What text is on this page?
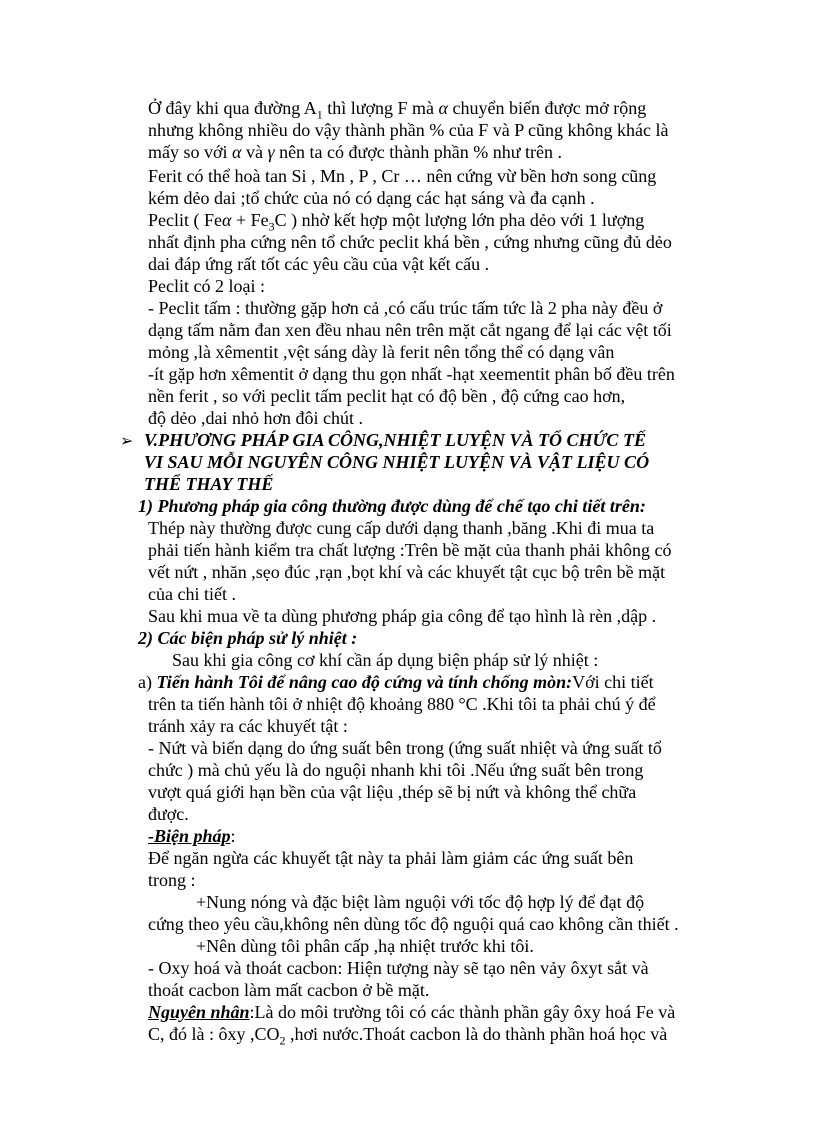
Ở đây khi qua đường $A_1$ thì lượng F mà α chuyển biến được mở rộng
nhưng không nhiều do vậy thành phần % của F và P cũng không khác là
mấy so với α và γ nên ta có được thành phần % như trên .
Ferit có thể hoà tan Si , Mn , P , Cr … nên cứng vừ bền hơn song cũng
kém dẻo dai ;tổ chức của nó có dạng các hạt sáng và đa cạnh .
Peclit ( $Fe\alpha + Fe_3C$ ) nhờ kết hợp một lượng lớn pha dẻo với 1 lượng
nhất định pha cứng nên tổ chức peclit khá bền , cứng nhưng cũng đủ dẻo
dai đáp ứng rất tốt các yêu cầu của vật kết cấu .
Peclit có 2 loại :
- Peclit tấm : thường gặp hơn cả ,có cấu trúc tấm tức là 2 pha này đều ở
dạng tấm nằm đan xen đều nhau nên trên mặt cắt ngang để lại các vệt tối
mỏng ,là xêmentit ,vệt sáng dày là ferit nên tổng thể có dạng vân
-ít gặp hơn xêmentit ở dạng thu gọn nhất -hạt xeementit phân bố đều trên
nền ferit , so với peclit tấm peclit hạt có độ bền , độ cứng cao hơn,
độ dẻo ,dai nhỏ hơn đôi chút .
➢ V.PHƯƠNG PHÁP GIA CÔNG,NHIỆT LUYỆN VÀ TỔ CHỨC TẾ
VI SAU MỖI NGUYÊN CÔNG NHIỆT LUYỆN VÀ VẬT LIỆU CÓ
THỂ THAY THẾ
1) Phương pháp gia công thường được dùng để chế tạo chi tiết trên:
Thép này thường được cung cấp dưới dạng thanh ,băng .Khi đi mua ta
phải tiến hành kiểm tra chất lượng :Trên bề mặt của thanh phải không có
vết nứt , nhăn ,sẹo đúc ,rạn ,bọt khí và các khuyết tật cục bộ trên bề mặt
của chi tiết .
Sau khi mua về ta dùng phương pháp gia công để tạo hình là rèn ,dập .
2) Các biện pháp sử lý nhiệt :
Sau khi gia công cơ khí cần áp dụng biện pháp sử lý nhiệt :
a) Tiến hành Tôi để nâng cao độ cứng và tính chống mòn:Với chi tiết
trên ta tiến hành tôi ở nhiệt độ khoảng 880 °C .Khi tôi ta phải chú ý để
tránh xảy ra các khuyết tật :
- Nứt và biến dạng do ứng suất bên trong (ứng suất nhiệt và ứng suất tổ
chức ) mà chủ yếu là do nguội nhanh khi tôi .Nếu ứng suất bên trong
vượt quá giới hạn bền của vật liệu ,thép sẽ bị nứt và không thể chữa
được.
-Biện pháp:
Để ngăn ngừa các khuyết tật này ta phải làm giảm các ứng suất bên
trong :
+Nung nóng và đặc biệt làm nguội với tốc độ hợp lý để đạt độ
cứng theo yêu cầu,không nên dùng tốc độ nguội quá cao không cần thiết .
+Nên dùng tôi phân cấp ,hạ nhiệt trước khi tôi.
- Oxy hoá và thoát cacbon: Hiện tượng này sẽ tạo nên vảy ôxyt sắt và
thoát cacbon làm mất cacbon ở bề mặt.
Nguyên nhân:Là do môi trường tôi có các thành phần gây ôxy hoá Fe và
C, đó là : ôxy $,CO_2$ ,hơi nước.Thoát cacbon là do thành phần hoá học và
